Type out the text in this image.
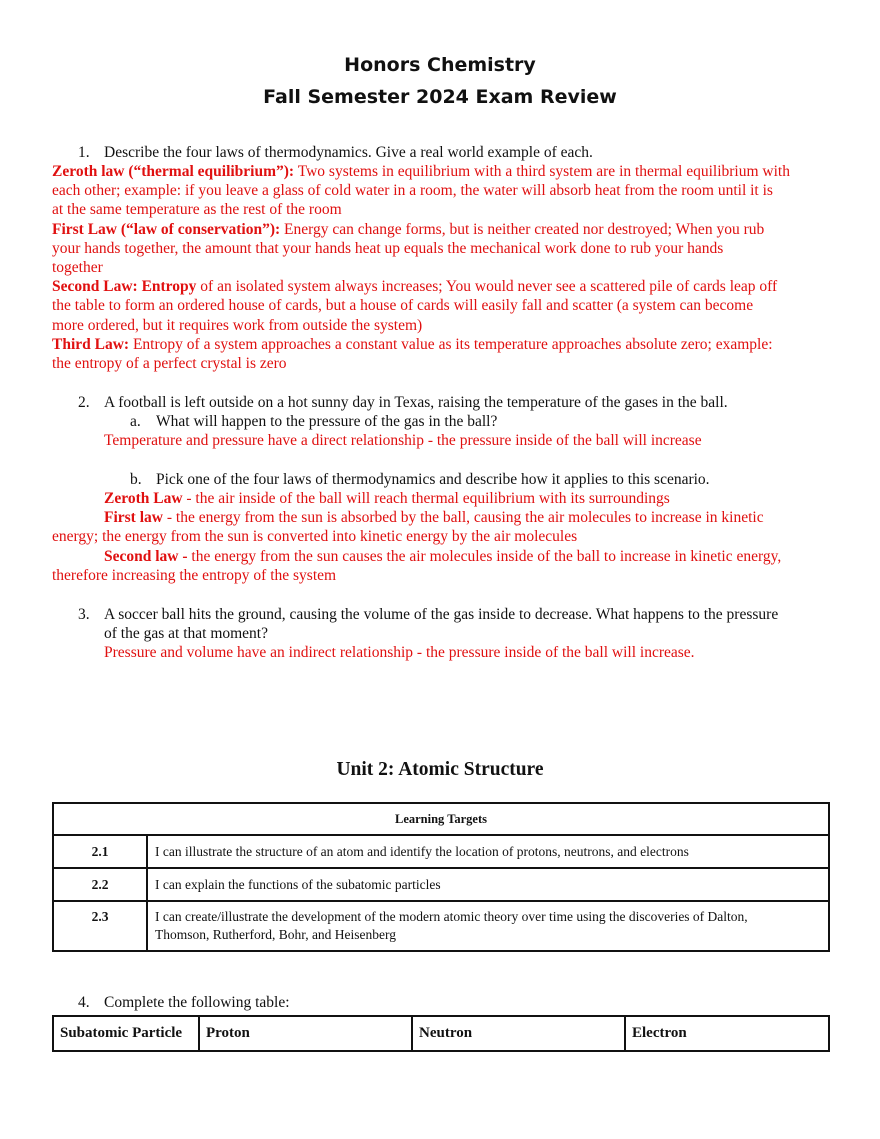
Honors Chemistry
Fall Semester 2024 Exam Review
1. Describe the four laws of thermodynamics. Give a real world example of each.
Zeroth law (“thermal equilibrium”): Two systems in equilibrium with a third system are in thermal equilibrium with
each other; example: if you leave a glass of cold water in a room, the water will absorb heat from the room until it is
at the same temperature as the rest of the room
First Law (“law of conservation”): Energy can change forms, but is neither created nor destroyed; When you rub
your hands together, the amount that your hands heat up equals the mechanical work done to rub your hands
together
Second Law: Entropy of an isolated system always increases; You would never see a scattered pile of cards leap off
the table to form an ordered house of cards, but a house of cards will easily fall and scatter (a system can become
more ordered, but it requires work from outside the system)
Third Law: Entropy of a system approaches a constant value as its temperature approaches absolute zero; example:
the entropy of a perfect crystal is zero
2. A football is left outside on a hot sunny day in Texas, raising the temperature of the gases in the ball.
a. What will happen to the pressure of the gas in the ball?
Temperature and pressure have a direct relationship - the pressure inside of the ball will increase
b. Pick one of the four laws of thermodynamics and describe how it applies to this scenario.
Zeroth Law - the air inside of the ball will reach thermal equilibrium with its surroundings
First law - the energy from the sun is absorbed by the ball, causing the air molecules to increase in kinetic
energy; the energy from the sun is converted into kinetic energy by the air molecules
Second law - the energy from the sun causes the air molecules inside of the ball to increase in kinetic energy,
therefore increasing the entropy of the system
3. A soccer ball hits the ground, causing the volume of the gas inside to decrease. What happens to the pressure
of the gas at that moment?
Pressure and volume have an indirect relationship - the pressure inside of the ball will increase.
Unit 2: Atomic Structure
Learning Targets	
2.1	I can illustrate the structure of an atom and identify the location of protons, neutrons, and electrons
2.2	I can explain the functions of the subatomic particles
2.3	I can create/illustrate the development of the modern atomic theory over time using the discoveries of Dalton,
Thomson, Rutherford, Bohr, and Heisenberg
4. Complete the following table:
Subatomic Particle	Proton	Neutron	Electron
